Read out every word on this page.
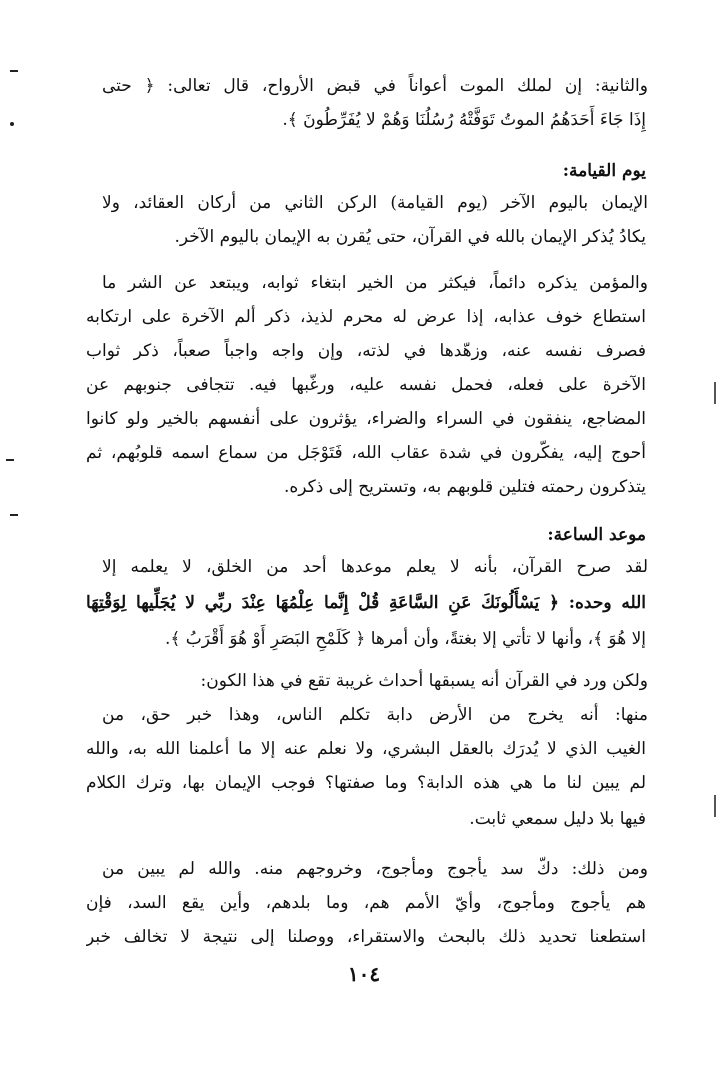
والثانية: إن لملك الموت أعواناً في قبض الأرواح، قال تعالى: ﴿ حتى
إِذَا جَاءَ أَحَدَهُمُ الموتُ تَوَفَّتْهُ رُسُلُنَا وَهُمْ لا يُفَرِّطُونَ ﴾.
يوم القيامة:
الإيمان باليوم الآخر (يوم القيامة) الركن الثاني من أركان العقائد، ولا
يكادُ يُذكر الإيمان بالله في القرآن، حتى يُقرن به الإيمان باليوم الآخر.
والمؤمن يذكره دائماً، فيكثر من الخير ابتغاء ثوابه، ويبتعد عن الشر ما
استطاع خوف عذابه، إذا عرض له محرم لذيذ، ذكر ألم الآخرة على ارتكابه
فصرف نفسه عنه، وزهّدها في لذته، وإن واجه واجباً صعباً، ذكر ثواب
الآخرة على فعله، فحمل نفسه عليه، ورغّبها فيه. تتجافى جنوبهم عن
المضاجع، ينفقون في السراء والضراء، يؤثرون على أنفسهم بالخير ولو كانوا
أحوج إليه، يفكّرون في شدة عقاب الله، فَتَوْجَل من سماع اسمه قلوبُهم، ثم
يتذكرون رحمته فتلين قلوبهم به، وتستريح إلى ذكره.
موعد الساعة:
لقد صرح القرآن، بأنه لا يعلم موعدها أحد من الخلق، لا يعلمه إلا
الله وحده: ﴿ يَسْأَلُونَكَ عَنِ السَّاعَةِ قُلْ إِنَّما عِلْمُهَا عِنْدَ ربِّي لا يُجَلِّيها لِوَقْتِهَا
إلا هُوَ ﴾، وأنها لا تأتي إلا بغتةً، وأن أمرها ﴿ كَلَمْحِ البَصَرِ أَوْ هُوَ أَقْرَبُ ﴾.
ولكن ورد في القرآن أنه يسبقها أحداث غريبة تقع في هذا الكون:
منها: أنه يخرج من الأرض دابة تكلم الناس، وهذا خبر حق، من
الغيب الذي لا يُدرَك بالعقل البشري، ولا نعلم عنه إلا ما أعلمنا الله به، والله
لم يبين لنا ما هي هذه الدابة؟ وما صفتها؟ فوجب الإيمان بها، وترك الكلام
فيها بلا دليل سمعي ثابت.
ومن ذلك: دكّ سد يأجوج ومأجوج، وخروجهم منه. والله لم يبين من
هم يأجوج ومأجوج، وأيّ الأمم هم، وما بلدهم، وأين يقع السد، فإن
استطعنا تحديد ذلك بالبحث والاستقراء، ووصلنا إلى نتيجة لا تخالف خبر
١٠٤
